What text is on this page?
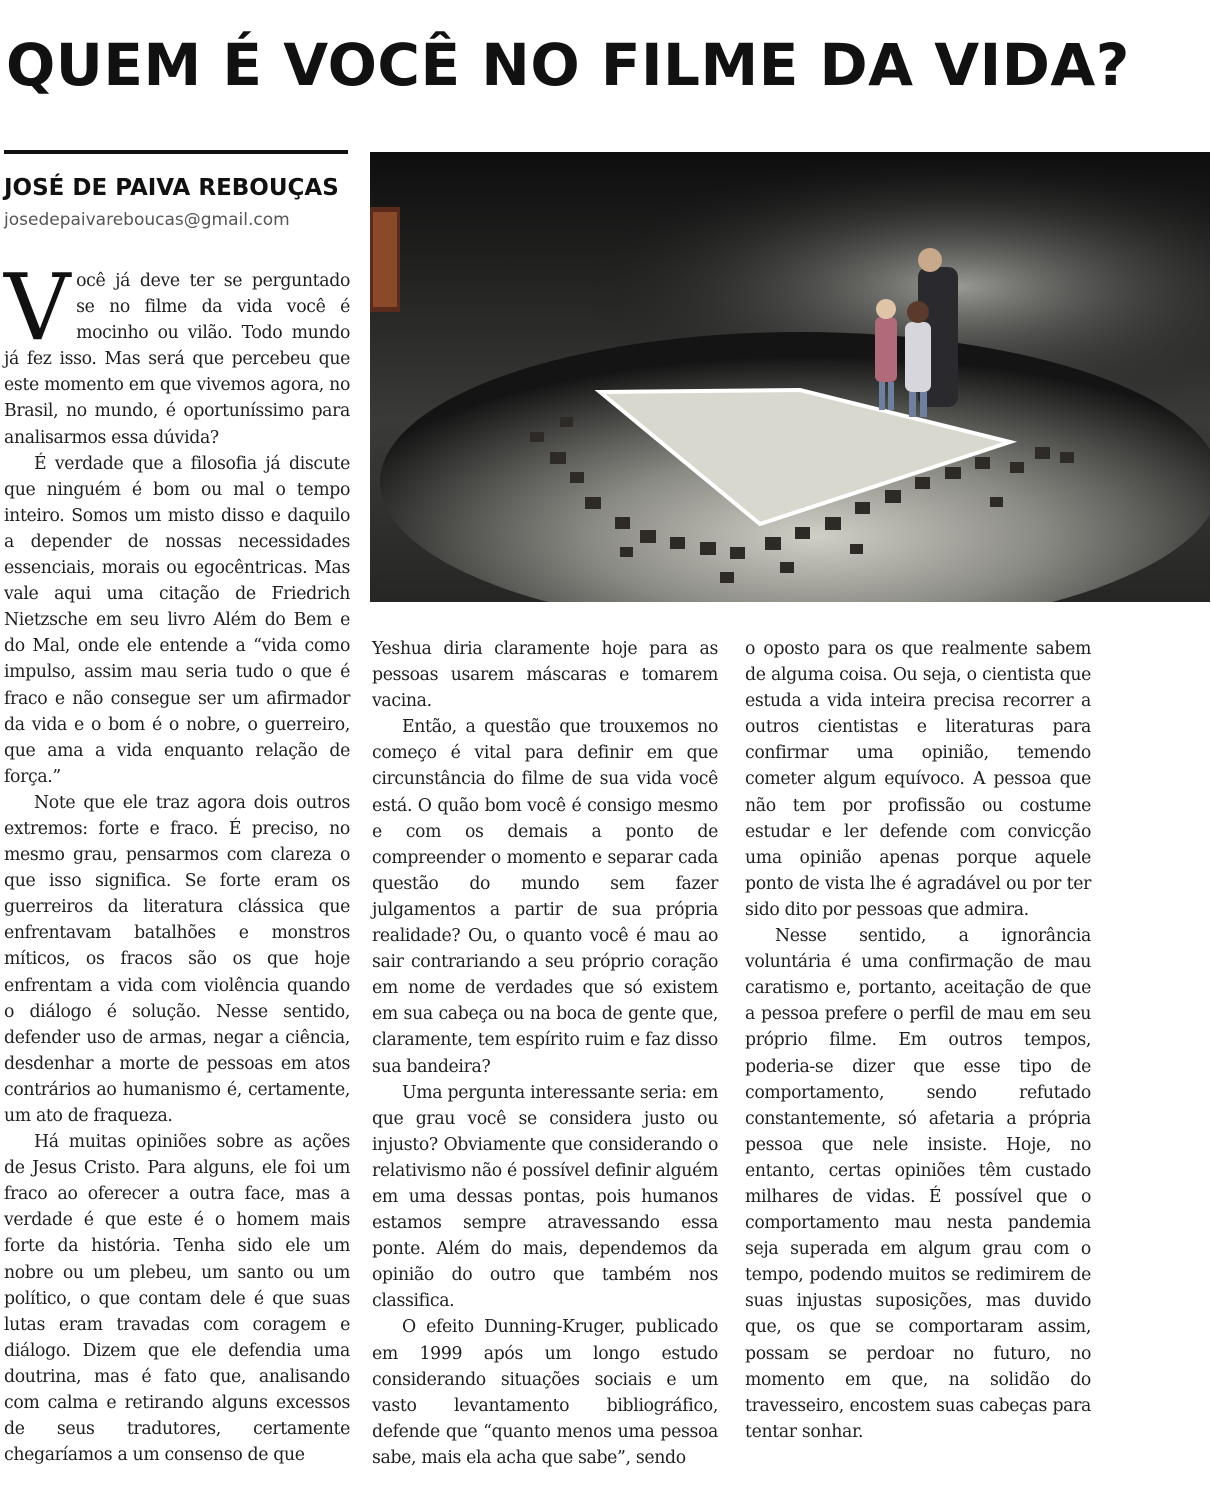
QUEM É VOCÊ NO FILME DA VIDA?
JOSÉ DE PAIVA REBOUÇAS
josedepaivareboucas@gmail.com

Você já deve ter se perguntado se no filme da vida você é mocinho ou vilão. Todo mundo já fez isso. Mas será que percebeu que este momento em que vivemos agora, no Brasil, no mundo, é oportuníssimo para analisarmos essa dúvida?

É verdade que a filosofia já discute que ninguém é bom ou mal o tempo inteiro. Somos um misto disso e daquilo a depender de nossas necessidades essenciais, morais ou egocêntricas. Mas vale aqui uma citação de Friedrich Nietzsche em seu livro Além do Bem e do Mal, onde ele entende a “vida como impulso, assim mau seria tudo o que é fraco e não consegue ser um afirmador da vida e o bom é o nobre, o guerreiro, que ama a vida enquanto relação de força.”

Note que ele traz agora dois outros extremos: forte e fraco. É preciso, no mesmo grau, pensarmos com clareza o que isso significa. Se forte eram os guerreiros da literatura clássica que enfrentavam batalhões e monstros míticos, os fracos são os que hoje enfrentam a vida com violência quando o diálogo é solução. Nesse sentido, defender uso de armas, negar a ciência, desdenhar a morte de pessoas em atos contrários ao humanismo é, certamente, um ato de fraqueza.

Há muitas opiniões sobre as ações de Jesus Cristo. Para alguns, ele foi um fraco ao oferecer a outra face, mas a verdade é que este é o homem mais forte da história. Tenha sido ele um nobre ou um plebeu, um santo ou um político, o que contam dele é que suas lutas eram travadas com coragem e diálogo. Dizem que ele defendia uma doutrina, mas é fato que, analisando com calma e retirando alguns excessos de seus tradutores, certamente chegaríamos a um consenso de que

Yeshua diria claramente hoje para as pessoas usarem máscaras e tomarem vacina.

Então, a questão que trouxemos no começo é vital para definir em que circunstância do filme de sua vida você está. O quão bom você é consigo mesmo e com os demais a ponto de compreender o momento e separar cada questão do mundo sem fazer julgamentos a partir de sua própria realidade? Ou, o quanto você é mau ao sair contrariando a seu próprio coração em nome de verdades que só existem em sua cabeça ou na boca de gente que, claramente, tem espírito ruim e faz disso sua bandeira?

Uma pergunta interessante seria: em que grau você se considera justo ou injusto? Obviamente que considerando o relativismo não é possível definir alguém em uma dessas pontas, pois humanos estamos sempre atravessando essa ponte. Além do mais, dependemos da opinião do outro que também nos classifica.

O efeito Dunning-Kruger, publicado em 1999 após um longo estudo considerando situações sociais e um vasto levantamento bibliográfico, defende que “quanto menos uma pessoa sabe, mais ela acha que sabe”, sendo

o oposto para os que realmente sabem de alguma coisa. Ou seja, o cientista que estuda a vida inteira precisa recorrer a outros cientistas e literaturas para confirmar uma opinião, temendo cometer algum equívoco. A pessoa que não tem por profissão ou costume estudar e ler defende com convicção uma opinião apenas porque aquele ponto de vista lhe é agradável ou por ter sido dito por pessoas que admira.

Nesse sentido, a ignorância voluntária é uma confirmação de mau caratismo e, portanto, aceitação de que a pessoa prefere o perfil de mau em seu próprio filme. Em outros tempos, poderia-se dizer que esse tipo de comportamento, sendo refutado constantemente, só afetaria a própria pessoa que nele insiste. Hoje, no entanto, certas opiniões têm custado milhares de vidas. É possível que o comportamento mau nesta pandemia seja superada em algum grau com o tempo, podendo muitos se redimirem de suas injustas suposições, mas duvido que, os que se comportaram assim, possam se perdoar no futuro, no momento em que, na solidão do travesseiro, encostem suas cabeças para tentar sonhar.
